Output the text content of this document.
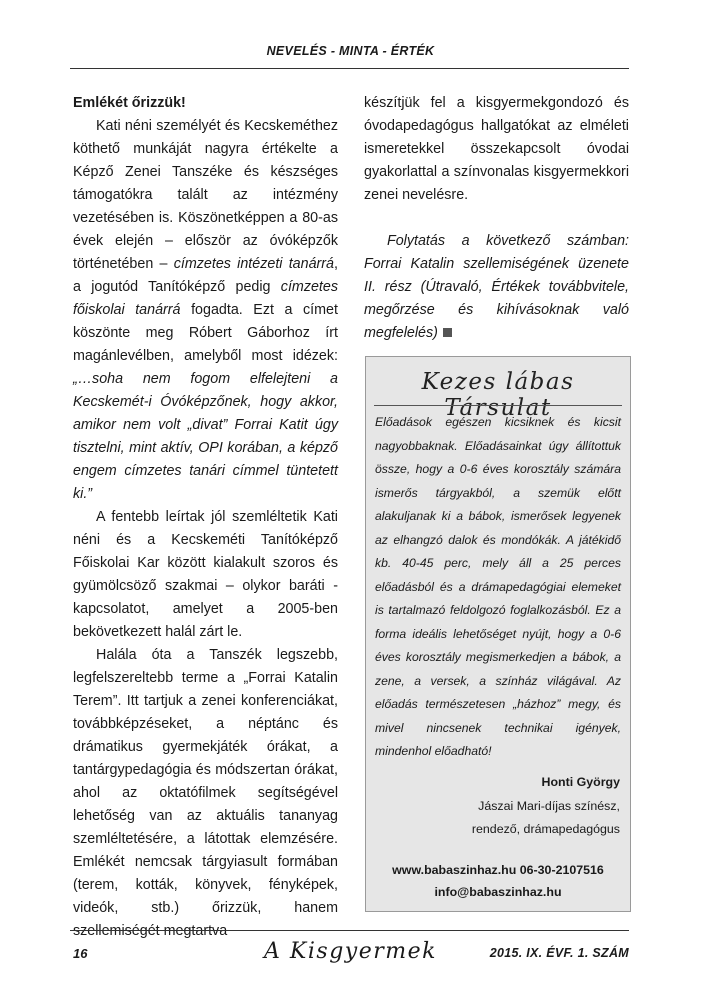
NEVELÉS - MINTA - ÉRTÉK

Emlékét őrizzük!

Kati néni személyét és Kecskeméthez köthető munkáját nagyra értékelte a Képző Zenei Tanszéke és készséges támogatókra talált az intézmény vezetésében is. Köszönetképpen a 80-as évek elején – először az óvóképzők történetében – címzetes intézeti tanárrá, a jogutód Tanítóképző pedig címzetes főiskolai tanárrá fogadta. Ezt a címet köszönte meg Róbert Gáborhoz írt magánlevélben, amelyből most idézek: „…soha nem fogom elfelejteni a Kecskemét-i Óvóképzőnek, hogy akkor, amikor nem volt „divat” Forrai Katit úgy tisztelni, mint aktív, OPI korában, a képző engem címzetes tanári címmel tüntetett ki.”

A fentebb leírtak jól szemléltetik Kati néni és a Kecskeméti Tanítóképző Főiskolai Kar között kialakult szoros és gyümölcsöző szakmai – olykor baráti - kapcsolatot, amelyet a 2005-ben bekövetkezett halál zárt le.

Halála óta a Tanszék legszebb, legfelszereltebb terme a „Forrai Katalin Terem”. Itt tartjuk a zenei konferenciákat, továbbképzéseket, a néptánc és drámatikus gyermekjáték órákat, a tantárgypedagógia és módszertan órákat, ahol az oktatófilmek segítségével lehetőség van az aktuális tananyag szemléltetésére, a látottak elemzésére. Emlékét nemcsak tárgyiasult formában (terem, kották, könyvek, fényképek, videók, stb.) őrizzük, hanem szellemiségét megtartva

készítjük fel a kisgyermekgondozó és óvodapedagógus hallgatókat az elméleti ismeretekkel összekapcsolt óvodai gyakorlattal a színvonalas kisgyermekkori zenei nevelésre.

Folytatás a következő számban: Forrai Katalin szellemiségének üzenete II. rész (Útravaló, Értékek továbbvitele, megőrzése és kihívásoknak való megfelelés)

Kezes lábas Társulat
Előadások egészen kicsiknek és kicsit nagyobbaknak. Előadásainkat úgy állítottuk össze, hogy a 0-6 éves korosztály számára ismerős tárgyakból, a szemük előtt alakuljanak ki a bábok, ismerősek legyenek az elhangzó dalok és mondókák. A játékidő kb. 40-45 perc, mely áll a 25 perces előadásból és a drámapedagógiai elemeket is tartalmazó feldolgozó foglalkozásból. Ez a forma ideális lehetőséget nyújt, hogy a 0-6 éves korosztály megismerkedjen a bábok, a zene, a versek, a színház világával. Az előadás természetesen „házhoz” megy, és mivel nincsenek technikai igények, mindenhol előadható!
Honti György
Jászai Mari-díjas színész,
rendező, drámapedagógus
www.babaszinhaz.hu 06-30-2107516
info@babaszinhaz.hu
16	A Kisgyermek	2015. IX. ÉVF. 1. SZÁM
